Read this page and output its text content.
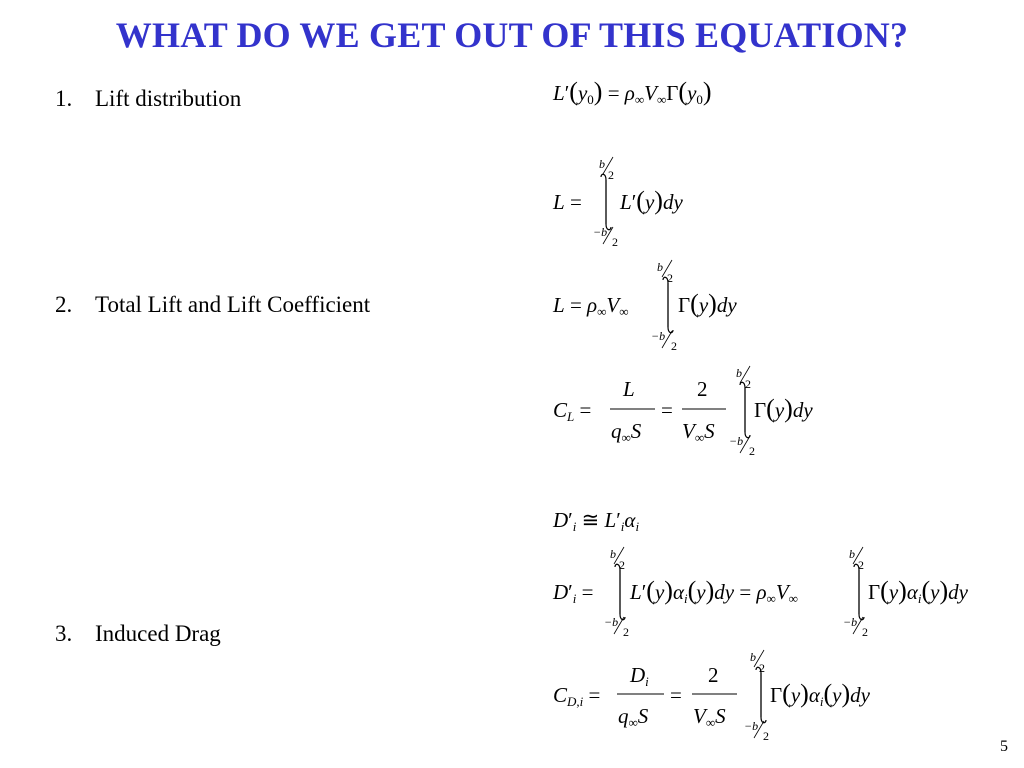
WHAT DO WE GET OUT OF THIS EQUATION?
1. Lift distribution
2. Total Lift and Lift Coefficient
3. Induced Drag
L′(y0) = ρ∞V∞Γ(y0)
L =
b
2
−b
2
L′(y)dy
L = ρ∞V∞
b
2
−b
2
Γ(y)dy
CL =
L
q∞S
=
2
V∞S
b
2
−b
2
Γ(y)dy
D′i ≅ L′iαi
D′i =
b
2
−b
2
L′(y)αi(y)dy = ρ∞V∞
b
2
−b
2
Γ(y)αi(y)dy
CD,i =
Di
q∞S
=
2
V∞S
b
2
−b
2
Γ(y)αi(y)dy
5
